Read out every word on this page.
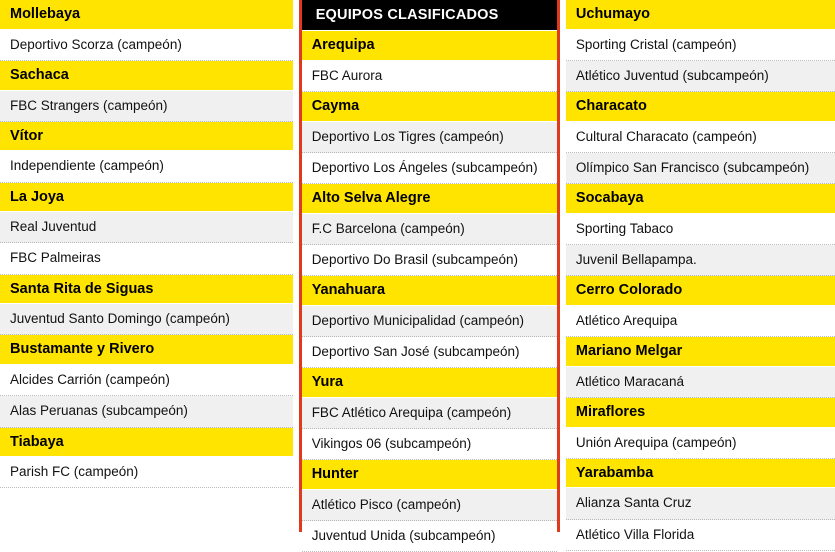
Mollebaya
Deportivo Scorza (campeón)
Sachaca
FBC Strangers (campeón)
Vítor
Independiente (campeón)
La Joya
Real Juventud
FBC Palmeiras
Santa Rita de Siguas
Juventud Santo Domingo (campeón)
Bustamante y Rivero
Alcides Carrión (campeón)
Alas Peruanas (subcampeón)
Tiabaya
Parish FC (campeón)
EQUIPOS CLASIFICADOS
Arequipa
FBC Aurora
Cayma
Deportivo Los Tigres (campeón)
Deportivo Los Ángeles (subcampeón)
Alto Selva Alegre
F.C Barcelona (campeón)
Deportivo Do Brasil (subcampeón)
Yanahuara
Deportivo Municipalidad (campeón)
Deportivo San José (subcampeón)
Yura
FBC Atlético Arequipa (campeón)
Vikingos 06 (subcampeón)
Hunter
Atlético Pisco (campeón)
Juventud Unida (subcampeón)
Uchumayo
Sporting Cristal (campeón)
Atlético Juventud (subcampeón)
Characato
Cultural Characato (campeón)
Olímpico San Francisco (subcampeón)
Socabaya
Sporting Tabaco
Juvenil Bellapampa.
Cerro Colorado
Atlético Arequipa
Mariano Melgar
Atlético Maracaná
Miraflores
Unión Arequipa (campeón)
Yarabamba
Alianza Santa Cruz
Atlético Villa Florida
